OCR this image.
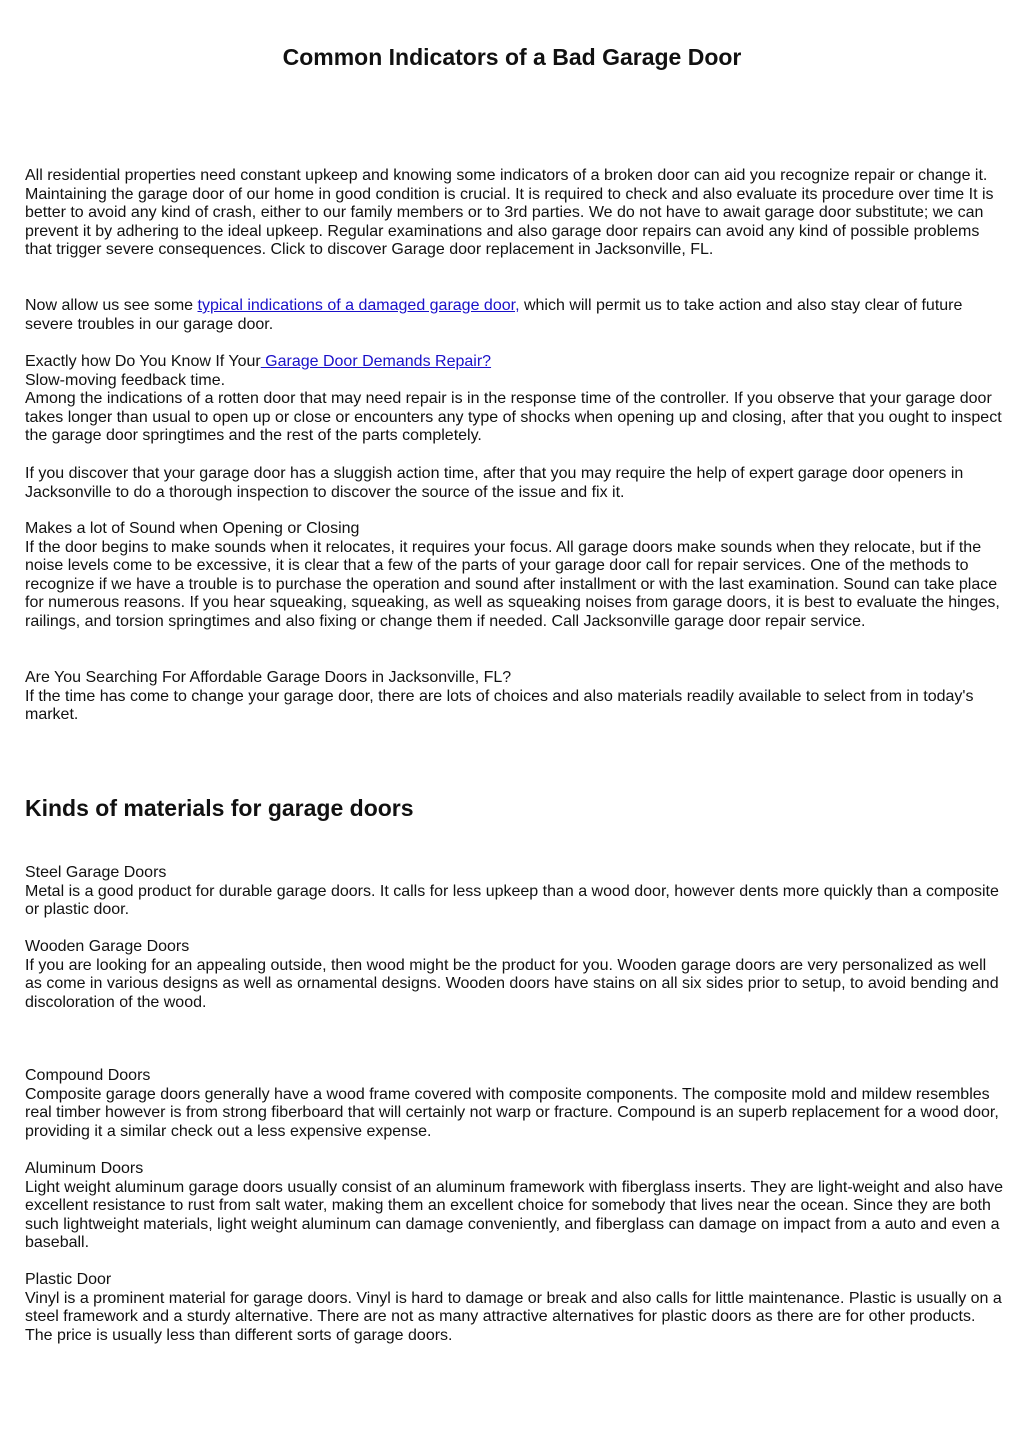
Common Indicators of a Bad Garage Door

All residential properties need constant upkeep and knowing some indicators of a broken door can aid you recognize repair or change it. Maintaining the garage door of our home in good condition is crucial. It is required to check and also evaluate its procedure over time It is better to avoid any kind of crash, either to our family members or to 3rd parties. We do not have to await garage door substitute; we can prevent it by adhering to the ideal upkeep. Regular examinations and also garage door repairs can avoid any kind of possible problems that trigger severe consequences. Click to discover Garage door replacement in Jacksonville, FL.

Now allow us see some typical indications of a damaged garage door, which will permit us to take action and also stay clear of future severe troubles in our garage door.

Exactly how Do You Know If Your Garage Door Demands Repair?
Slow-moving feedback time.
Among the indications of a rotten door that may need repair is in the response time of the controller. If you observe that your garage door takes longer than usual to open up or close or encounters any type of shocks when opening up and closing, after that you ought to inspect the garage door springtimes and the rest of the parts completely.

If you discover that your garage door has a sluggish action time, after that you may require the help of expert garage door openers in Jacksonville to do a thorough inspection to discover the source of the issue and fix it.

Makes a lot of Sound when Opening or Closing
If the door begins to make sounds when it relocates, it requires your focus. All garage doors make sounds when they relocate, but if the noise levels come to be excessive, it is clear that a few of the parts of your garage door call for repair services. One of the methods to recognize if we have a trouble is to purchase the operation and sound after installment or with the last examination. Sound can take place for numerous reasons. If you hear squeaking, squeaking, as well as squeaking noises from garage doors, it is best to evaluate the hinges, railings, and torsion springtimes and also fixing or change them if needed. Call Jacksonville garage door repair service.

Are You Searching For Affordable Garage Doors in Jacksonville, FL?
If the time has come to change your garage door, there are lots of choices and also materials readily available to select from in today's market.

Kinds of materials for garage doors

Steel Garage Doors
Metal is a good product for durable garage doors. It calls for less upkeep than a wood door, however dents more quickly than a composite or plastic door.

Wooden Garage Doors
If you are looking for an appealing outside, then wood might be the product for you. Wooden garage doors are very personalized as well as come in various designs as well as ornamental designs. Wooden doors have stains on all six sides prior to setup, to avoid bending and discoloration of the wood.

Compound Doors
Composite garage doors generally have a wood frame covered with composite components. The composite mold and mildew resembles real timber however is from strong fiberboard that will certainly not warp or fracture. Compound is an superb replacement for a wood door, providing it a similar check out a less expensive expense.

Aluminum Doors
Light weight aluminum garage doors usually consist of an aluminum framework with fiberglass inserts. They are light-weight and also have excellent resistance to rust from salt water, making them an excellent choice for somebody that lives near the ocean. Since they are both such lightweight materials, light weight aluminum can damage conveniently, and fiberglass can damage on impact from a auto and even a baseball.

Plastic Door
Vinyl is a prominent material for garage doors. Vinyl is hard to damage or break and also calls for little maintenance. Plastic is usually on a steel framework and a sturdy alternative. There are not as many attractive alternatives for plastic doors as there are for other products. The price is usually less than different sorts of garage doors.
